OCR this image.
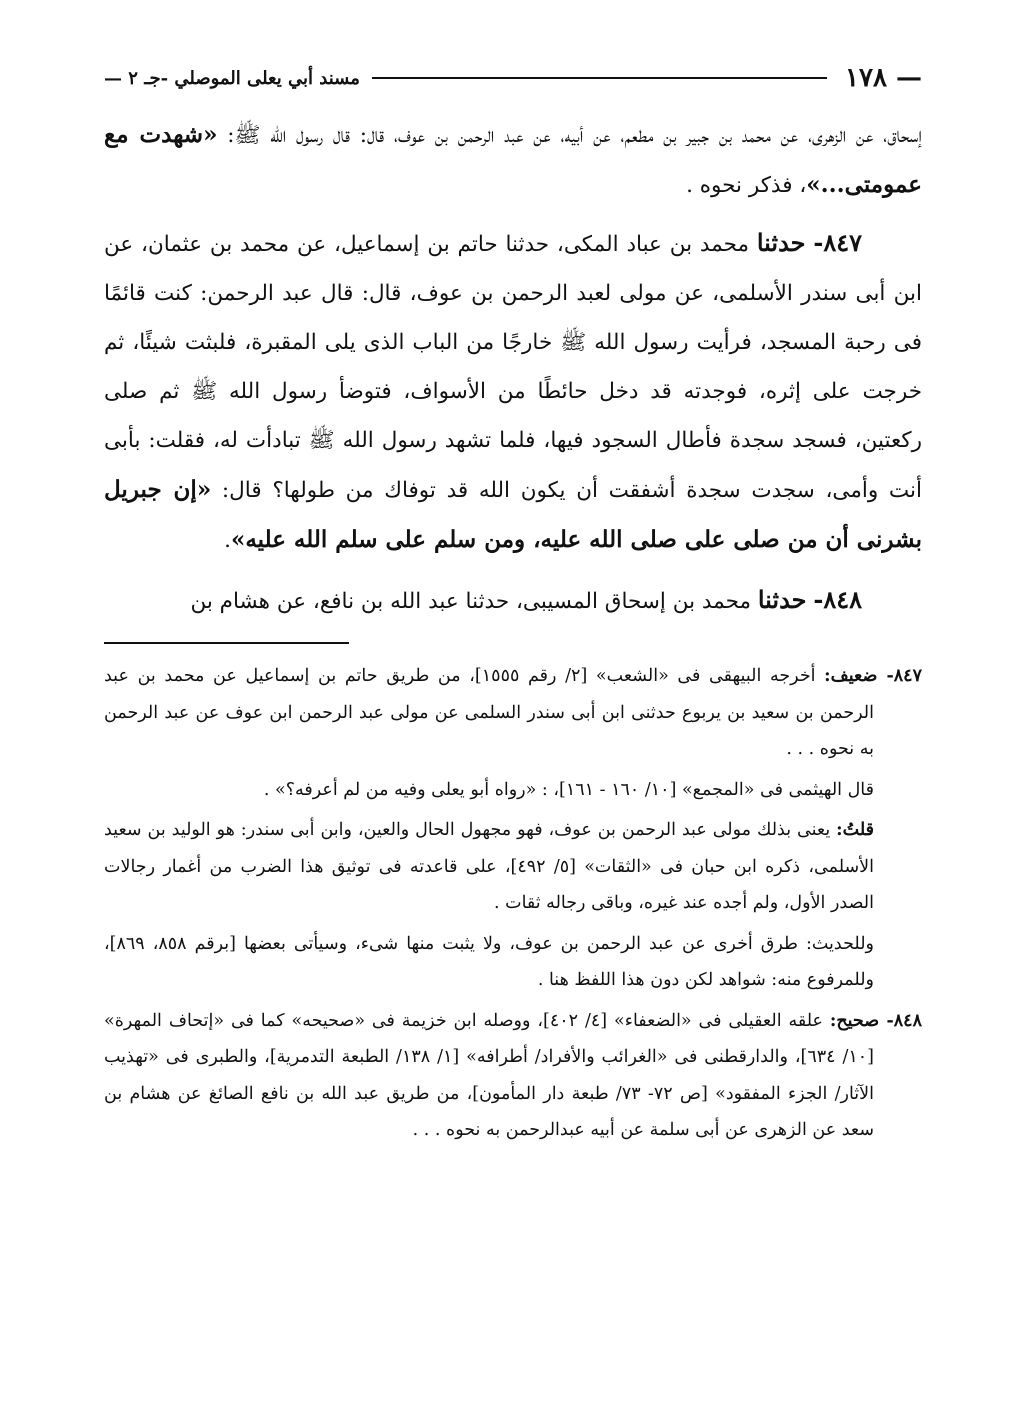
— ١٧٨
مسند أبي يعلى الموصلي -جـ ٢ —

إسحاق، عن الزهرى، عن محمد بن جبير بن مطعم، عن أبيه، عن عبد الرحمن بن عوف، قال: قال رسول الله ﷺ: «شهدت مع عمومتى...»، فذكر نحوه .

٨٤٧- حدثنا محمد بن عباد المكى، حدثنا حاتم بن إسماعيل، عن محمد بن عثمان، عن ابن أبى سندر الأسلمى، عن مولى لعبد الرحمن بن عوف، قال: قال عبد الرحمن: كنت قائمًا فى رحبة المسجد، فرأيت رسول الله ﷺ خارجًا من الباب الذى يلى المقبرة، فلبثت شيئًا، ثم خرجت على إثره، فوجدته قد دخل حائطًا من الأسواف، فتوضأ رسول الله ﷺ ثم صلى ركعتين، فسجد سجدة فأطال السجود فيها، فلما تشهد رسول الله ﷺ تبادأت له، فقلت: بأبى أنت وأمى، سجدت سجدة أشفقت أن يكون الله قد توفاك من طولها؟ قال: «إن جبريل بشرنى أن من صلى على صلى الله عليه، ومن سلم على سلم الله عليه».

٨٤٨- حدثنا محمد بن إسحاق المسيبى، حدثنا عبد الله بن نافع، عن هشام بن

٨٤٧- ضعيف: أخرجه البيهقى فى «الشعب» [٢/ رقم ١٥٥٥]، من طريق حاتم بن إسماعيل عن محمد بن عبد الرحمن بن سعيد بن يربوع حدثنى ابن أبى سندر السلمى عن مولى عبد الرحمن ابن عوف عن عبد الرحمن به نحوه . . .

قال الهيثمى فى «المجمع» [١٠/ ١٦٠ - ١٦١]، : «رواه أبو يعلى وفيه من لم أعرفه؟» .

قلتُ: يعنى بذلك مولى عبد الرحمن بن عوف، فهو مجهول الحال والعين، وابن أبى سندر: هو الوليد بن سعيد الأسلمى، ذكره ابن حبان فى «الثقات» [٥/ ٤٩٢]، على قاعدته فى توثيق هذا الضرب من أغمار رجالات الصدر الأول، ولم أجده عند غيره، وباقى رجاله ثقات .

وللحديث: طرق أخرى عن عبد الرحمن بن عوف، ولا يثبت منها شىء، وسيأتى بعضها [برقم ٨٥٨، ٨٦٩]، وللمرفوع منه: شواهد لكن دون هذا اللفظ هنا .

٨٤٨- صحيح: علقه العقيلى فى «الضعفاء» [٤/ ٤٠٢]، ووصله ابن خزيمة فى «صحيحه» كما فى «إتحاف المهرة» [١٠/ ٦٣٤]، والدارقطنى فى «الغرائب والأفراد/ أطرافه» [١/ ١٣٨/ الطبعة التدمرية]، والطبرى فى «تهذيب الآثار/ الجزء المفقود» [ص ٧٢- ٧٣/ طبعة دار المأمون]، من طريق عبد الله بن نافع الصائغ عن هشام بن سعد عن الزهرى عن أبى سلمة عن أبيه عبدالرحمن به نحوه . . .
